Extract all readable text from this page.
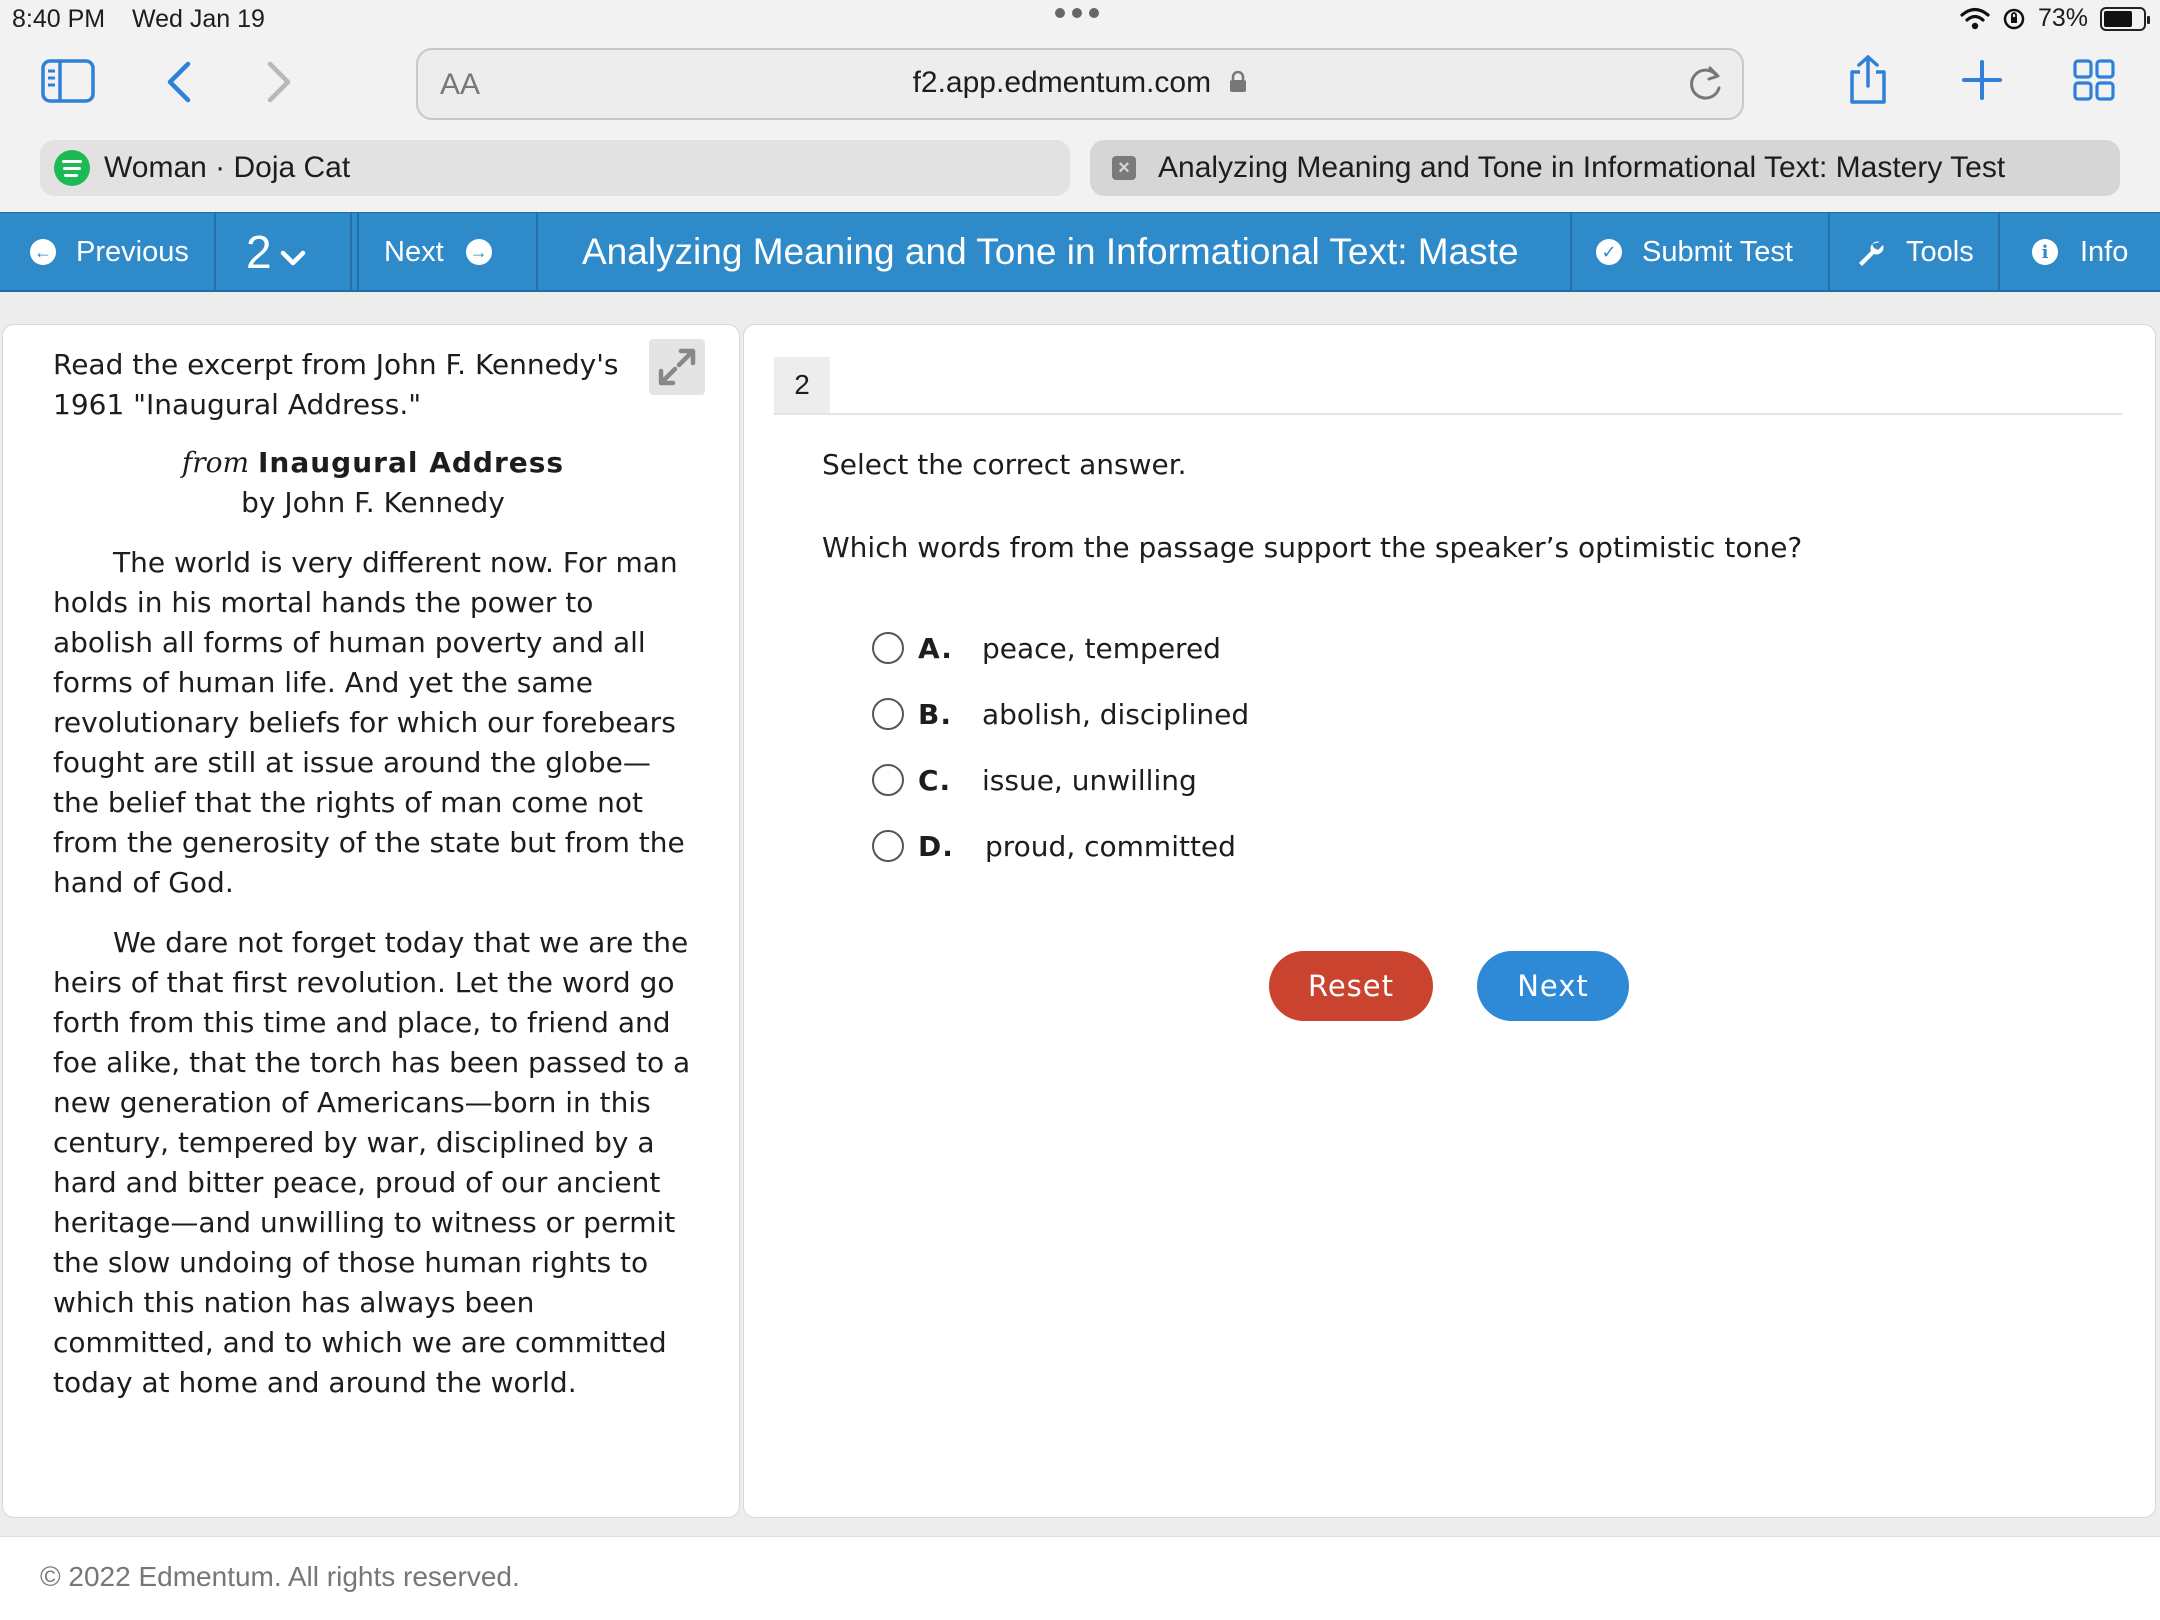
8:40 PM Wed Jan 19	73%
AA	f2.app.edmentum.com
Woman · Doja Cat	× Analyzing Meaning and Tone in Informational Text: Mastery Test
← Previous 2	Next →	Analyzing Meaning and Tone in Informational Text: Maste	✓ Submit Test	Tools	i	Info

Read the excerpt from John F. Kennedy's 1961 "Inaugural Address."

from Inaugural Address

by John F. Kennedy

The world is very different now. For man holds in his mortal hands the power to abolish all forms of human poverty and all forms of human life. And yet the same revolutionary beliefs for which our forebears fought are still at issue around the globe—the belief that the rights of man come not from the generosity of the state but from the hand of God.

We dare not forget today that we are the heirs of that first revolution. Let the word go forth from this time and place, to friend and foe alike, that the torch has been passed to a new generation of Americans—born in this century, tempered by war, disciplined by a hard and bitter peace, proud of our ancient heritage—and unwilling to witness or permit the slow undoing of those human rights to which this nation has always been committed, and to which we are committed today at home and around the world.

2
Select the correct answer.
Which words from the passage support the speaker’s optimistic tone?
A.	peace, tempered
B.	abolish, disciplined
C.	issue, unwilling
D.	proud, committed
Reset	Next
© 2022 Edmentum. All rights reserved.
